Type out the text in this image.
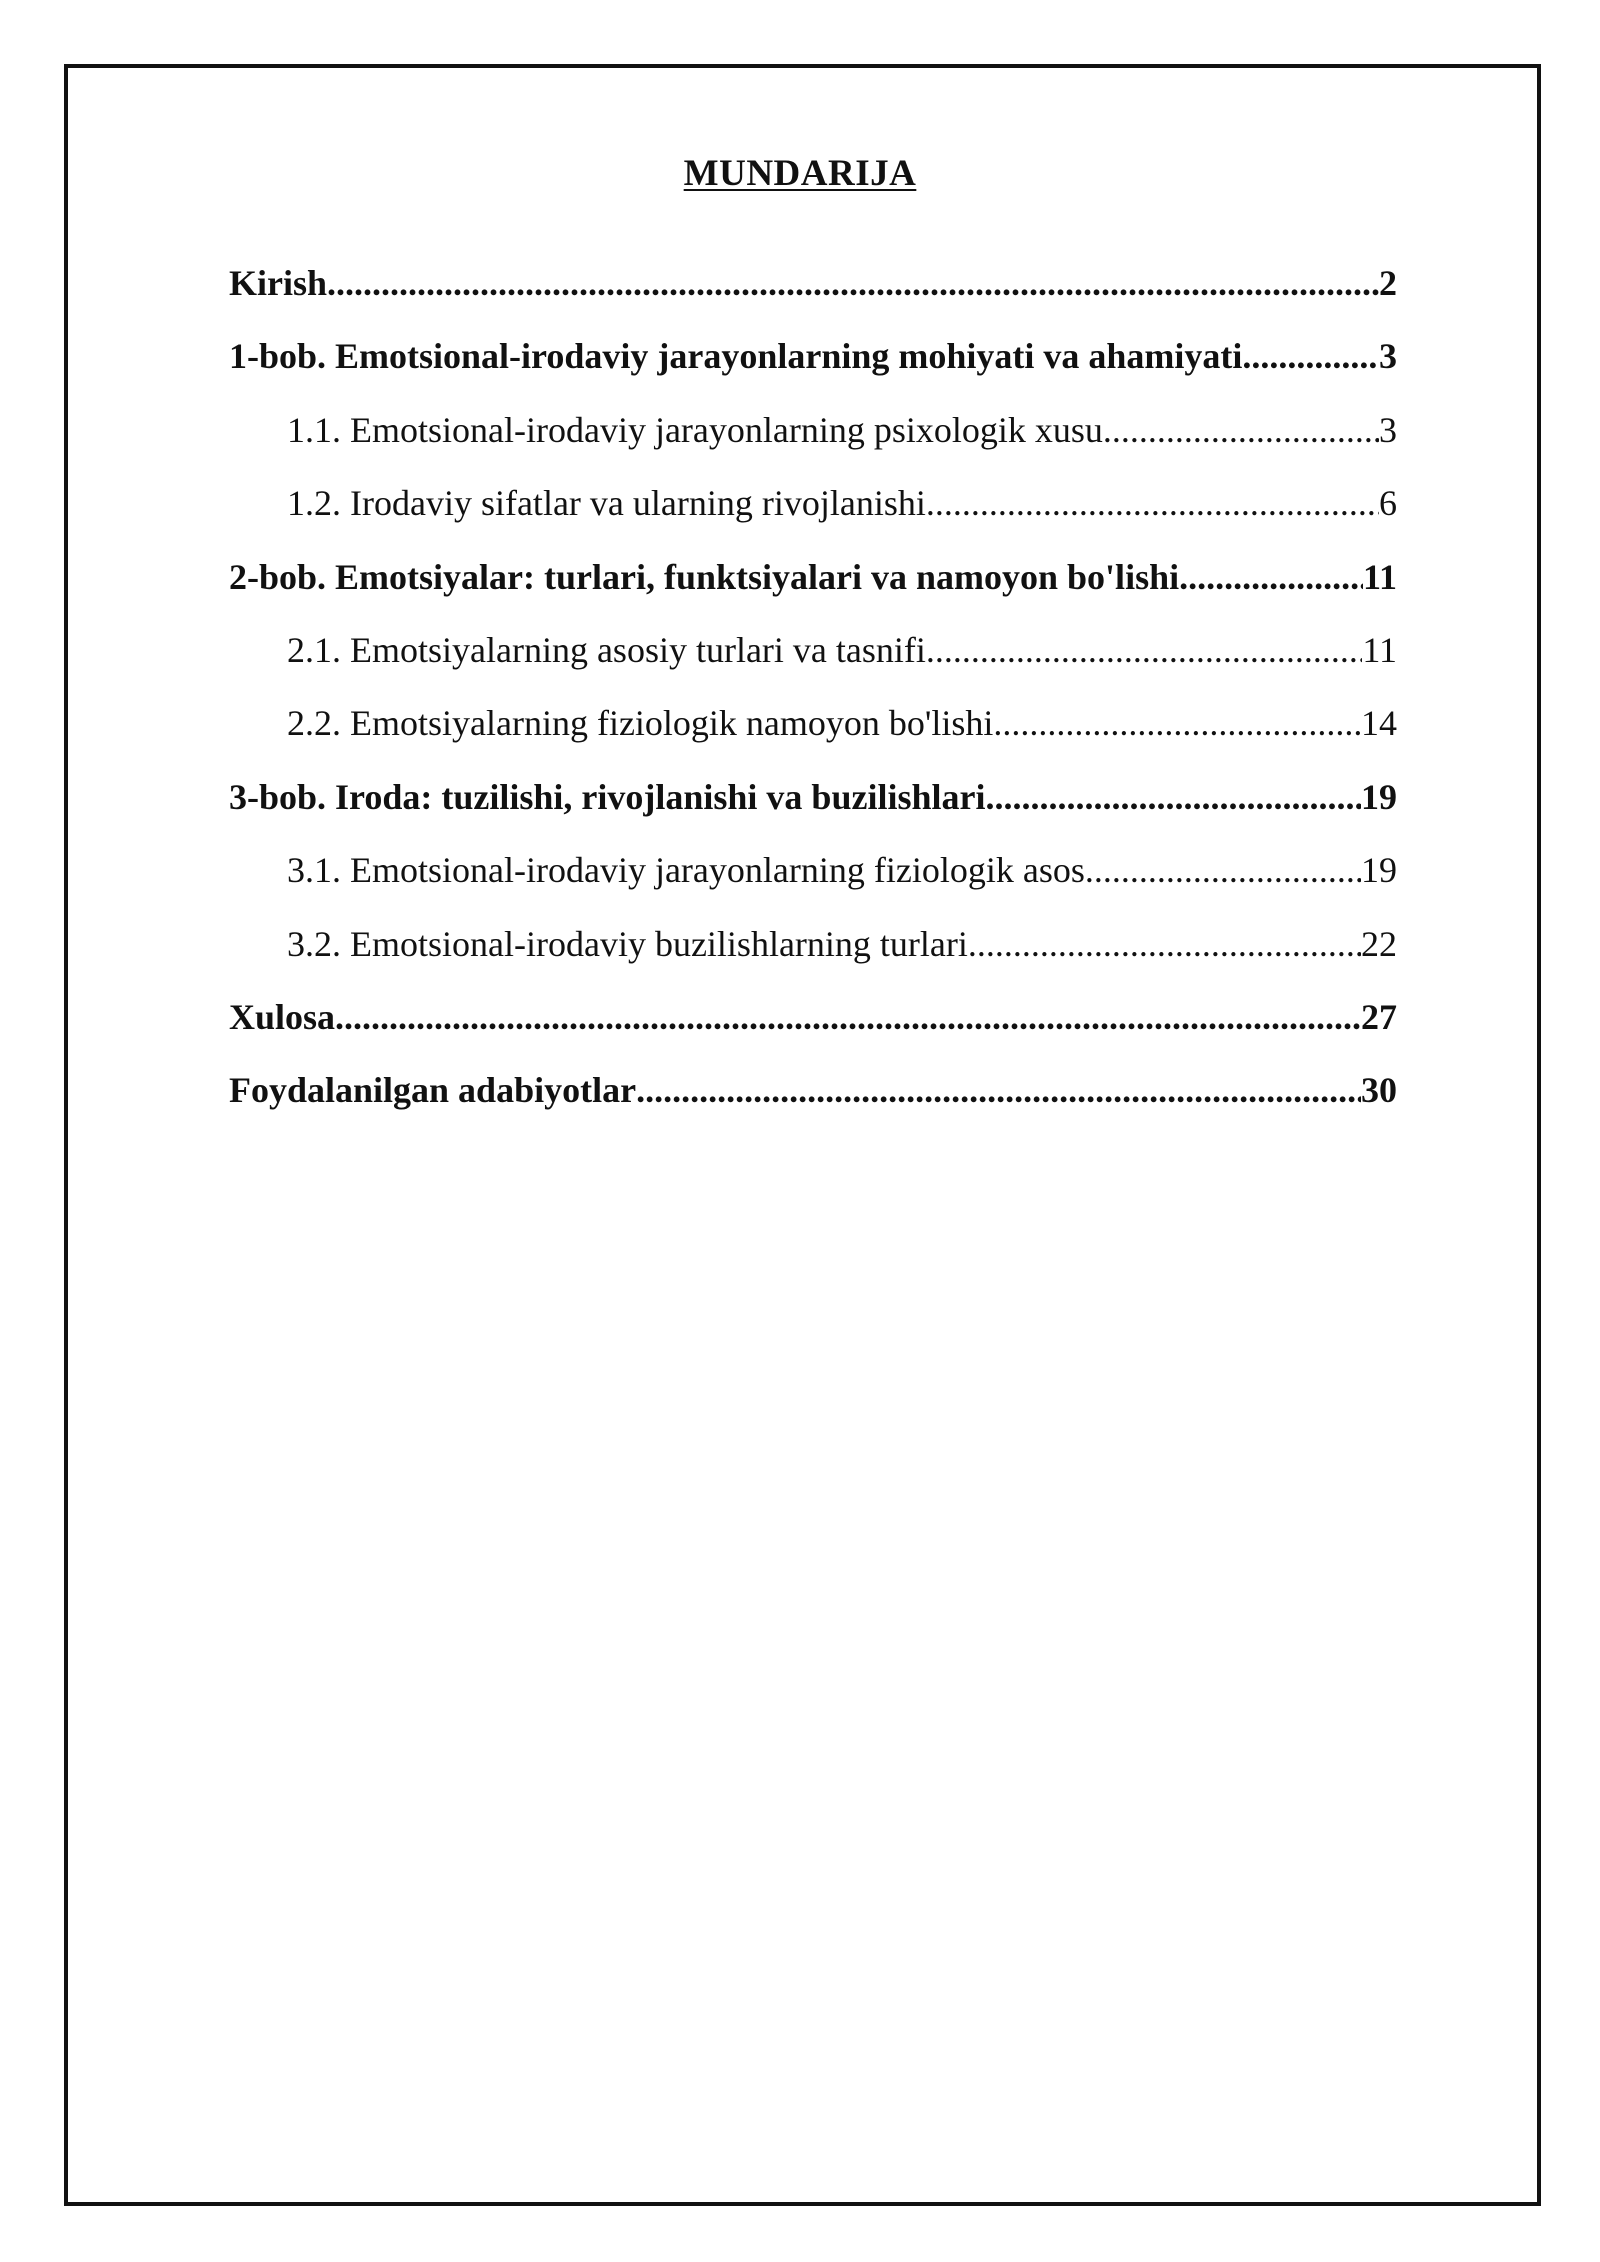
MUNDARIJA
Kirish .....	2
1-bob. Emotsional-irodaviy jarayonlarning mohiyati va ahamiyati .....	3
1.1. Emotsional-irodaviy jarayonlarning psixologik xusu .....	3
1.2. Irodaviy sifatlar va ularning rivojlanishi .....	6
2-bob. Emotsiyalar: turlari, funktsiyalari va namoyon bo'lishi .....	11
2.1. Emotsiyalarning asosiy turlari va tasnifi .....	11
2.2. Emotsiyalarning fiziologik namoyon bo'lishi .....	14
3-bob. Iroda: tuzilishi, rivojlanishi va buzilishlari .....	19
3.1. Emotsional-irodaviy jarayonlarning fiziologik asos .....	19
3.2. Emotsional-irodaviy buzilishlarning turlari .....	22
Xulosa .....	27
Foydalanilgan adabiyotlar .....	30
